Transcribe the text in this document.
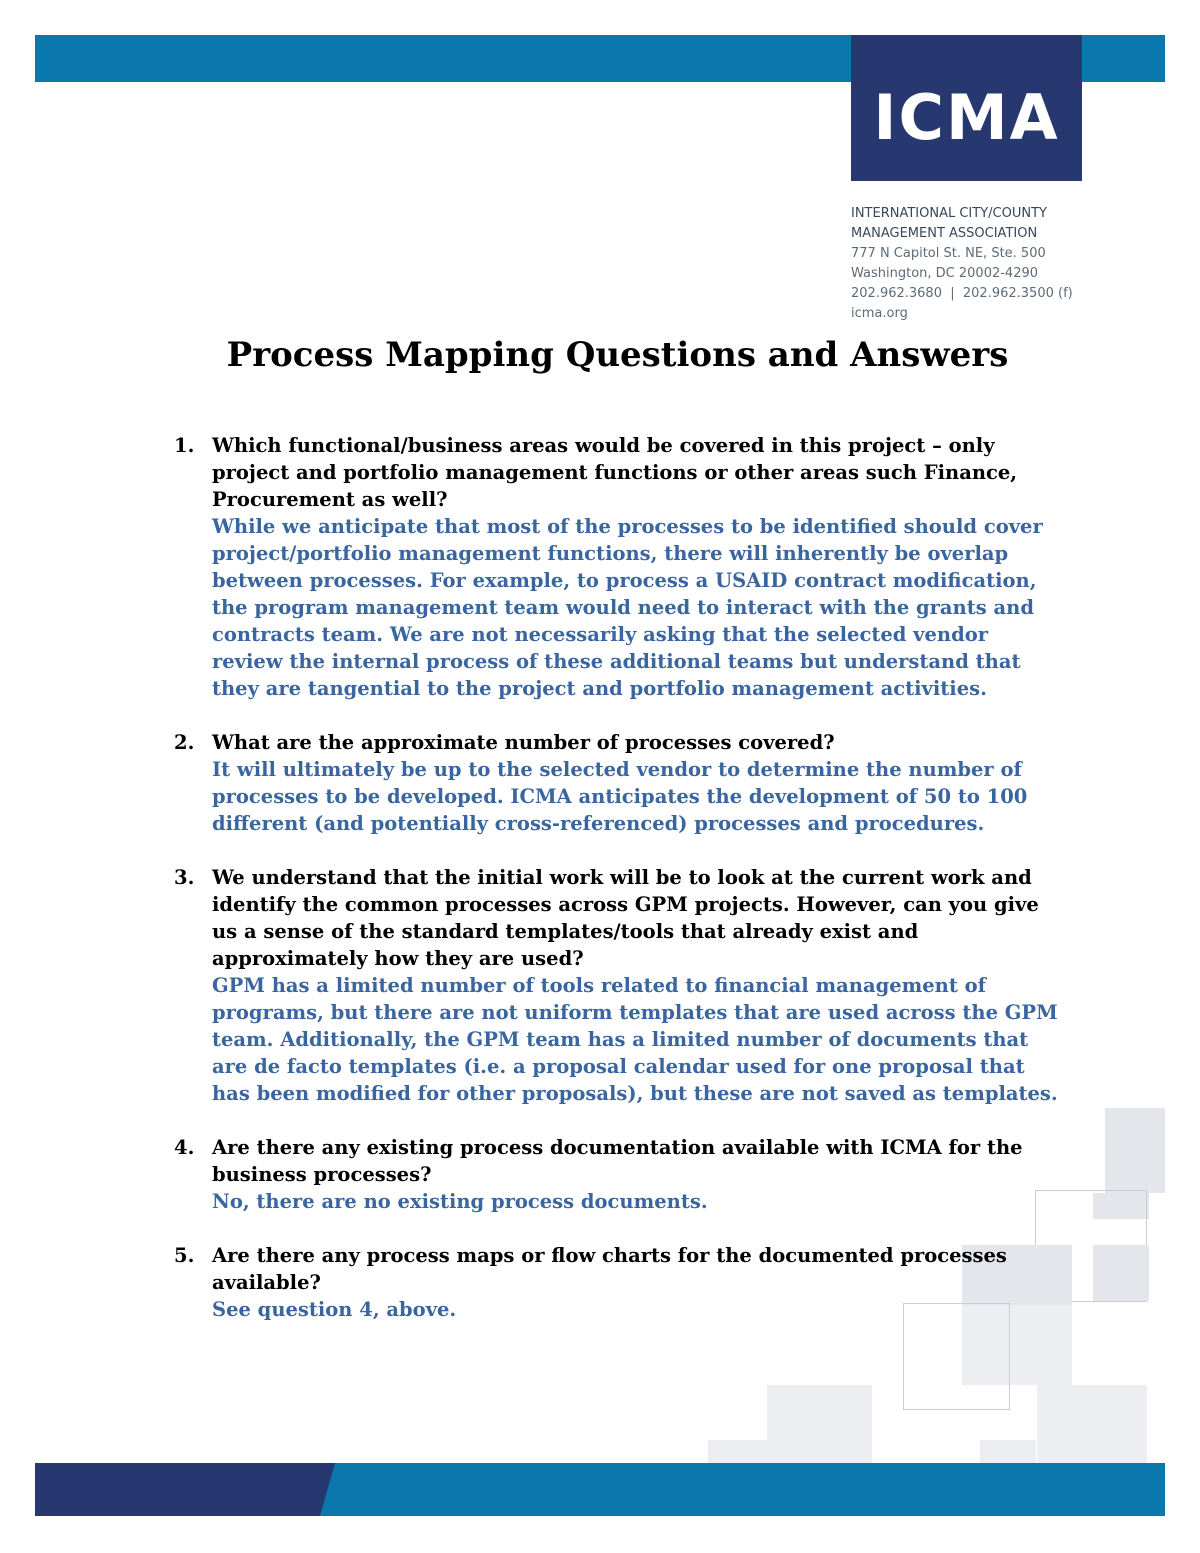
ICMA
INTERNATIONAL CITY/COUNTY
MANAGEMENT ASSOCIATION
777 N Capitol St. NE, Ste. 500
Washington, DC 20002-4290
202.962.3680  |  202.962.3500 (f)
icma.org
Process Mapping Questions and Answers
1. Which functional/business areas would be covered in this project – only project and portfolio management functions or other areas such Finance, Procurement as well?
While we anticipate that most of the processes to be identified should cover project/portfolio management functions, there will inherently be overlap between processes. For example, to process a USAID contract modification, the program management team would need to interact with the grants and contracts team. We are not necessarily asking that the selected vendor review the internal process of these additional teams but understand that they are tangential to the project and portfolio management activities.
2. What are the approximate number of processes covered?
It will ultimately be up to the selected vendor to determine the number of processes to be developed. ICMA anticipates the development of 50 to 100 different (and potentially cross-referenced) processes and procedures.
3. We understand that the initial work will be to look at the current work and identify the common processes across GPM projects. However, can you give us a sense of the standard templates/tools that already exist and approximately how they are used?
GPM has a limited number of tools related to financial management of programs, but there are not uniform templates that are used across the GPM team. Additionally, the GPM team has a limited number of documents that are de facto templates (i.e. a proposal calendar used for one proposal that has been modified for other proposals), but these are not saved as templates.
4. Are there any existing process documentation available with ICMA for the business processes?
No, there are no existing process documents.
5. Are there any process maps or flow charts for the documented processes available?
See question 4, above.
